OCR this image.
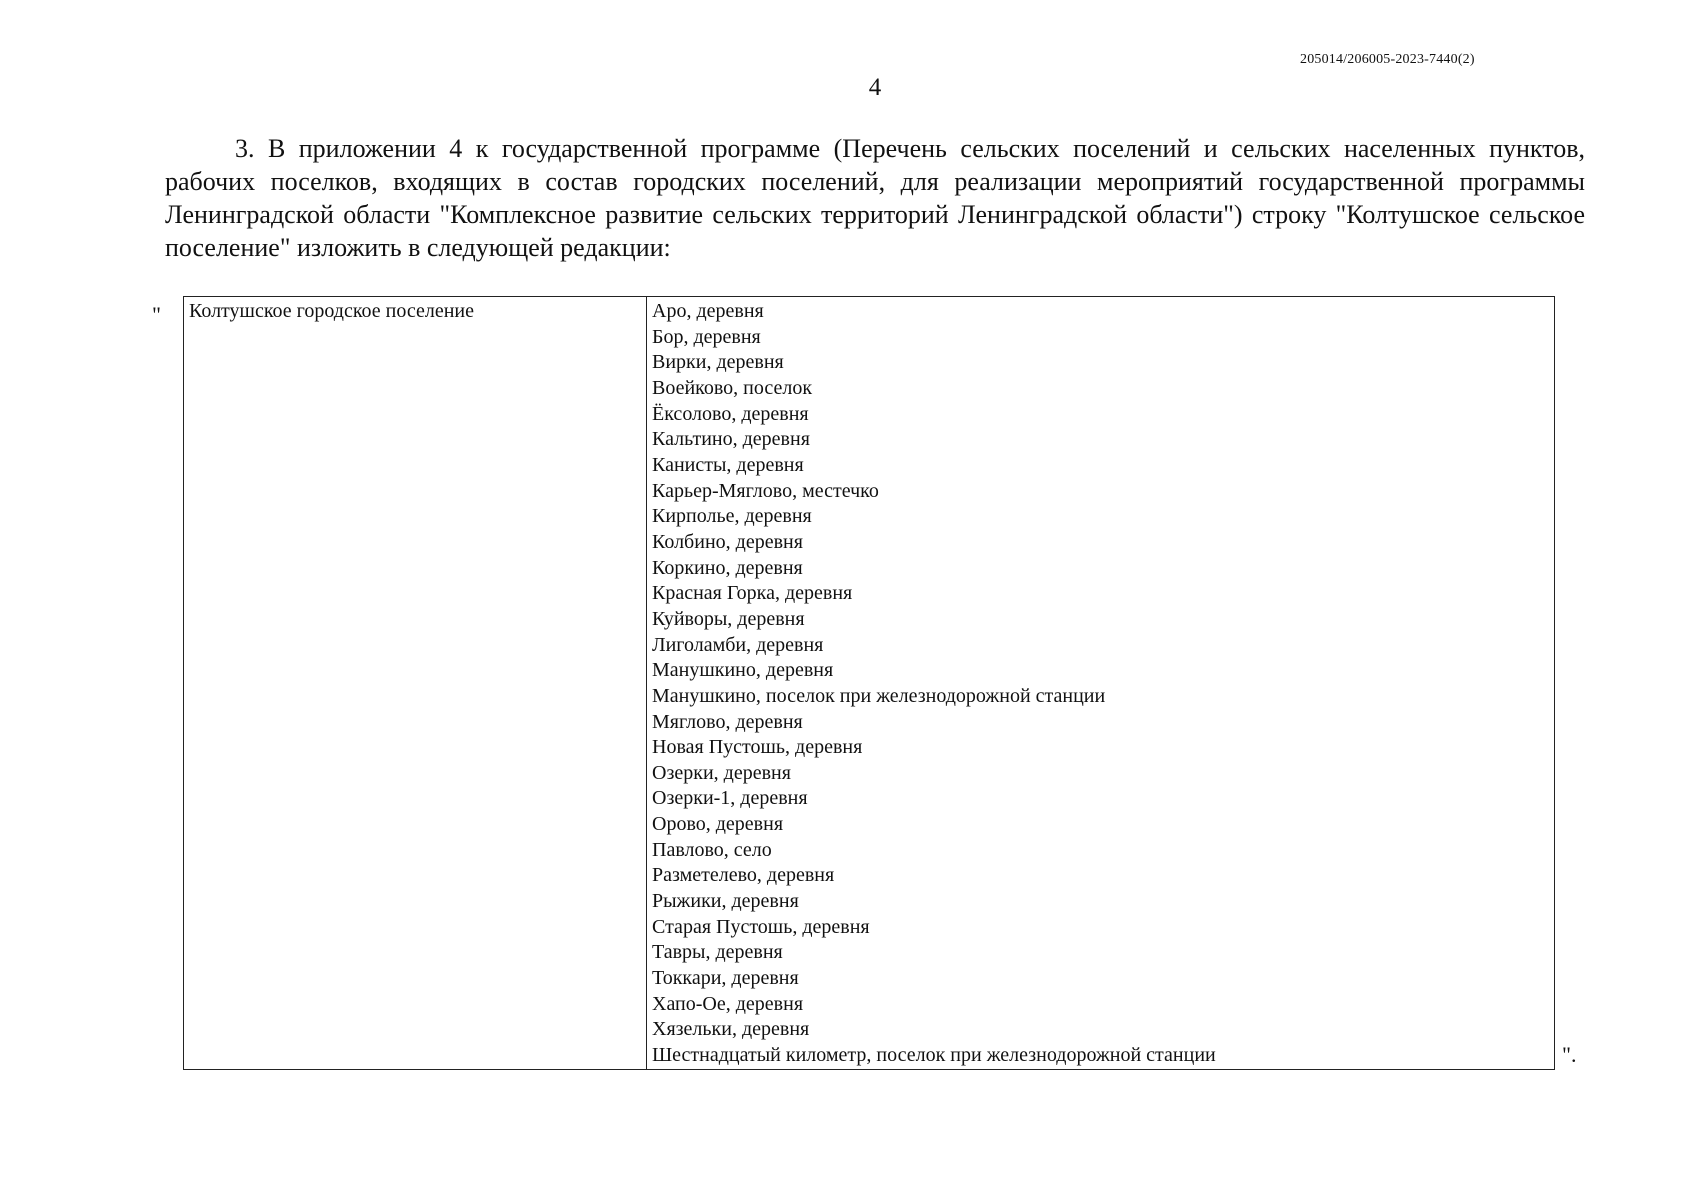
205014/206005-2023-7440(2)
4

3. В приложении 4 к государственной программе (Перечень сельских поселений и сельских населенных пунктов, рабочих поселков, входящих в состав городских поселений, для реализации мероприятий государственной программы Ленинградской области "Комплексное развитие сельских территорий Ленинградской области") строку "Колтушское сельское поселение" изложить в следующей редакции:

" Колтушское городское поселение	Аро, деревня
Бор, деревня
Вирки, деревня
Воейково, поселок
Ёксолово, деревня
Кальтино, деревня
Канисты, деревня
Карьер-Мяглово, местечко
Кирполье, деревня
Колбино, деревня
Коркино, деревня
Красная Горка, деревня
Куйворы, деревня
Лиголамби, деревня
Манушкино, деревня
Манушкино, поселок при железнодорожной станции
Мяглово, деревня
Новая Пустошь, деревня
Озерки, деревня
Озерки-1, деревня
Орово, деревня
Павлово, село
Разметелево, деревня
Рыжики, деревня
Старая Пустошь, деревня
Тавры, деревня
Токкари, деревня
Хапо-Ое, деревня
Хязельки, деревня
Шестнадцатый километр, поселок при железнодорожной станции	".
